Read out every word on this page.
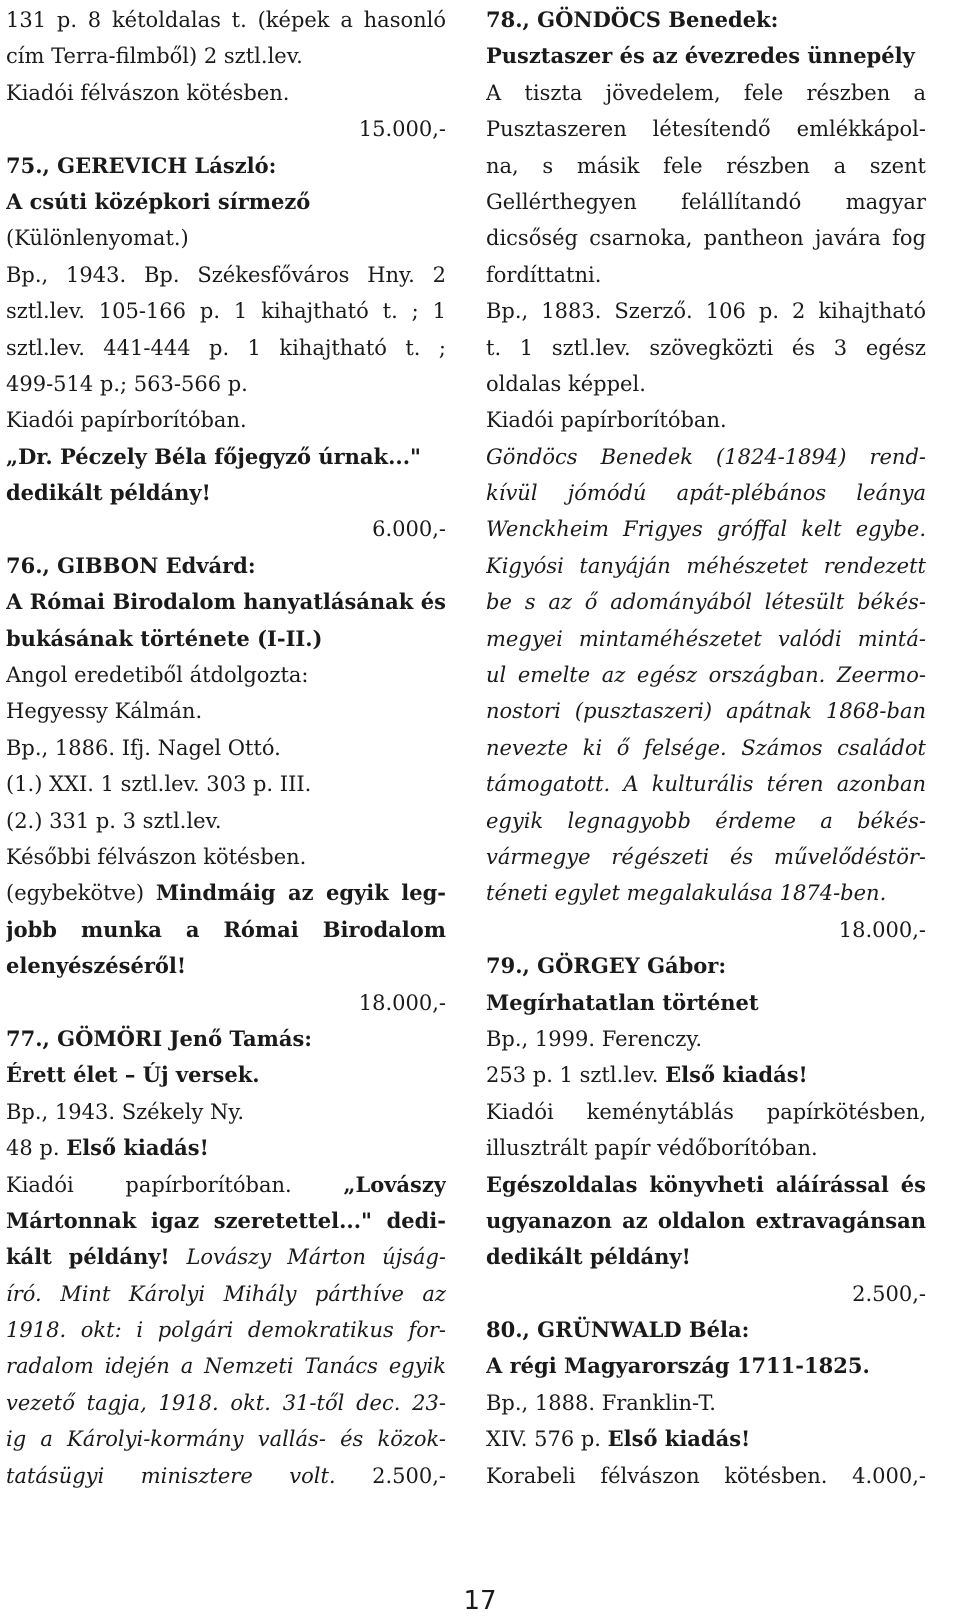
131 p. 8 kétoldalas t. (képek a hasonló
cím Terra-filmből) 2 sztl.lev.
Kiadói félvászon kötésben.
15.000,-
75., GEREVICH László:
A csúti középkori sírmező
(Különlenyomat.)
Bp., 1943. Bp. Székesfőváros Hny. 2
sztl.lev. 105-166 p. 1 kihajtható t. ; 1
sztl.lev. 441-444 p. 1 kihajtható t. ;
499-514 p.; 563-566 p.
Kiadói papírborítóban.
„Dr. Péczely Béla főjegyző úrnak..."
dedikált példány!
6.000,-
76., GIBBON Edvárd:
A Római Birodalom hanyatlásának és
bukásának története (I-II.)
Angol eredetiből átdolgozta:
Hegyessy Kálmán.
Bp., 1886. Ifj. Nagel Ottó.
(1.) XXI. 1 sztl.lev. 303 p. III.
(2.) 331 p. 3 sztl.lev.
Későbbi félvászon kötésben.
(egybekötve) Mindmáig az egyik leg-
jobb munka a Római Birodalom
elenyészéséről!
18.000,-
77., GÖMÖRI Jenő Tamás:
Érett élet – Új versek.
Bp., 1943. Székely Ny.
48 p. Első kiadás!
Kiadói papírborítóban. „Lovászy
Mártonnak igaz szeretettel..." dedi-
kált példány! Lovászy Márton újság-
író. Mint Károlyi Mihály párthíve az
1918. okt: i polgári demokratikus for-
radalom idején a Nemzeti Tanács egyik
vezető tagja, 1918. okt. 31-től dec. 23-
ig a Károlyi-kormány vallás- és közok-
tatásügyi minisztere volt. 2.500,-
78., GÖNDÖCS Benedek:
Pusztaszer és az évezredes ünnepély
A tiszta jövedelem, fele részben a
Pusztaszeren létesítendő emlékkápol-
na, s másik fele részben a szent
Gellérthegyen felállítandó magyar
dicsőség csarnoka, pantheon javára fog
fordíttatni.
Bp., 1883. Szerző. 106 p. 2 kihajtható
t. 1 sztl.lev. szövegközti és 3 egész
oldalas képpel.
Kiadói papírborítóban.
Göndöcs Benedek (1824-1894) rend-
kívül jómódú apát-plébános leánya
Wenckheim Frigyes gróffal kelt egybe.
Kigyósi tanyáján méhészetet rendezett
be s az ő adományából létesült békés-
megyei mintaméhészetet valódi mintá-
ul emelte az egész országban. Zeermo-
nostori (pusztaszeri) apátnak 1868-ban
nevezte ki ő felsége. Számos családot
támogatott. A kulturális téren azonban
egyik legnagyobb érdeme a békés-
vármegye régészeti és művelődéstör-
téneti egylet megalakulása 1874-ben.
18.000,-
79., GÖRGEY Gábor:
Megírhatatlan történet
Bp., 1999. Ferenczy.
253 p. 1 sztl.lev. Első kiadás!
Kiadói keménytáblás papírkötésben,
illusztrált papír védőborítóban.
Egészoldalas könyvheti aláírással és
ugyanazon az oldalon extravagánsan
dedikált példány!
2.500,-
80., GRÜNWALD Béla:
A régi Magyarország 1711-1825.
Bp., 1888. Franklin-T.
XIV. 576 p. Első kiadás!
Korabeli félvászon kötésben. 4.000,-
17
